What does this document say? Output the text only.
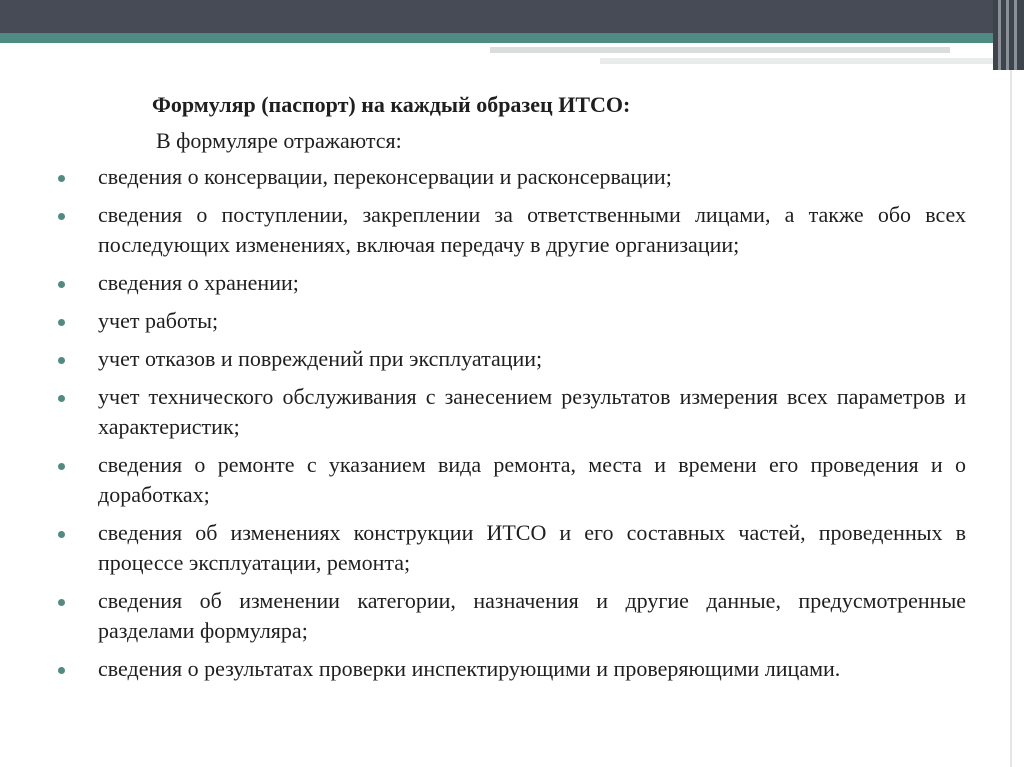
Формуляр (паспорт) на каждый образец ИТСО:
В формуляре отражаются:
сведения о консервации, переконсервации и расконсервации;
сведения о поступлении, закреплении за ответственными лицами, а также обо всех последующих изменениях, включая передачу в другие организации;
сведения о хранении;
учет работы;
учет отказов и повреждений при эксплуатации;
учет технического обслуживания с занесением результатов измерения всех параметров и характеристик;
сведения о ремонте с указанием вида ремонта, места и времени его проведения и о доработках;
сведения об изменениях конструкции ИТСО и его составных частей, проведенных в процессе эксплуатации, ремонта;
сведения об изменении категории, назначения и другие данные, предусмотренные разделами формуляра;
сведения о результатах проверки инспектирующими и проверяющими лицами.
